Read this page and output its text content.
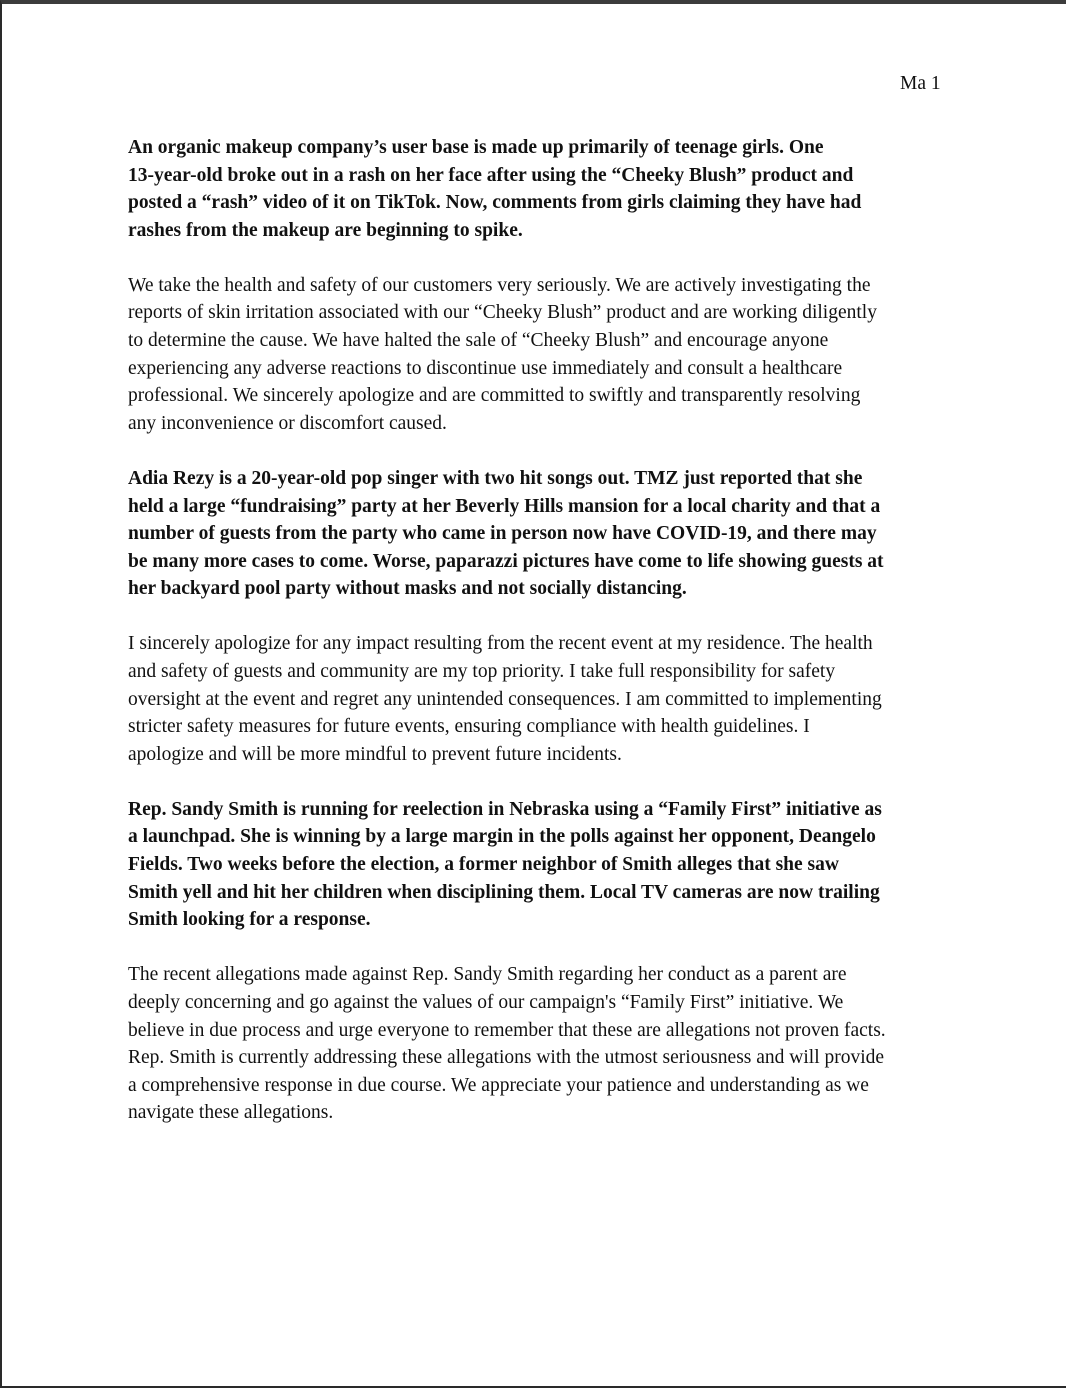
Ma 1

An organic makeup company’s user base is made up primarily of teenage girls. One
13-year-old broke out in a rash on her face after using the “Cheeky Blush” product and
posted a “rash” video of it on TikTok. Now, comments from girls claiming they have had
rashes from the makeup are beginning to spike.

We take the health and safety of our customers very seriously. We are actively investigating the
reports of skin irritation associated with our “Cheeky Blush” product and are working diligently
to determine the cause. We have halted the sale of “Cheeky Blush” and encourage anyone
experiencing any adverse reactions to discontinue use immediately and consult a healthcare
professional. We sincerely apologize and are committed to swiftly and transparently resolving
any inconvenience or discomfort caused.

Adia Rezy is a 20-year-old pop singer with two hit songs out. TMZ just reported that she
held a large “fundraising” party at her Beverly Hills mansion for a local charity and that a
number of guests from the party who came in person now have COVID-19, and there may
be many more cases to come. Worse, paparazzi pictures have come to life showing guests at
her backyard pool party without masks and not socially distancing.

I sincerely apologize for any impact resulting from the recent event at my residence. The health
and safety of guests and community are my top priority. I take full responsibility for safety
oversight at the event and regret any unintended consequences. I am committed to implementing
stricter safety measures for future events, ensuring compliance with health guidelines. I
apologize and will be more mindful to prevent future incidents.

Rep. Sandy Smith is running for reelection in Nebraska using a “Family First” initiative as
a launchpad. She is winning by a large margin in the polls against her opponent, Deangelo
Fields. Two weeks before the election, a former neighbor of Smith alleges that she saw
Smith yell and hit her children when disciplining them. Local TV cameras are now trailing
Smith looking for a response.

The recent allegations made against Rep. Sandy Smith regarding her conduct as a parent are
deeply concerning and go against the values of our campaign's “Family First” initiative. We
believe in due process and urge everyone to remember that these are allegations not proven facts.
Rep. Smith is currently addressing these allegations with the utmost seriousness and will provide
a comprehensive response in due course. We appreciate your patience and understanding as we
navigate these allegations.
